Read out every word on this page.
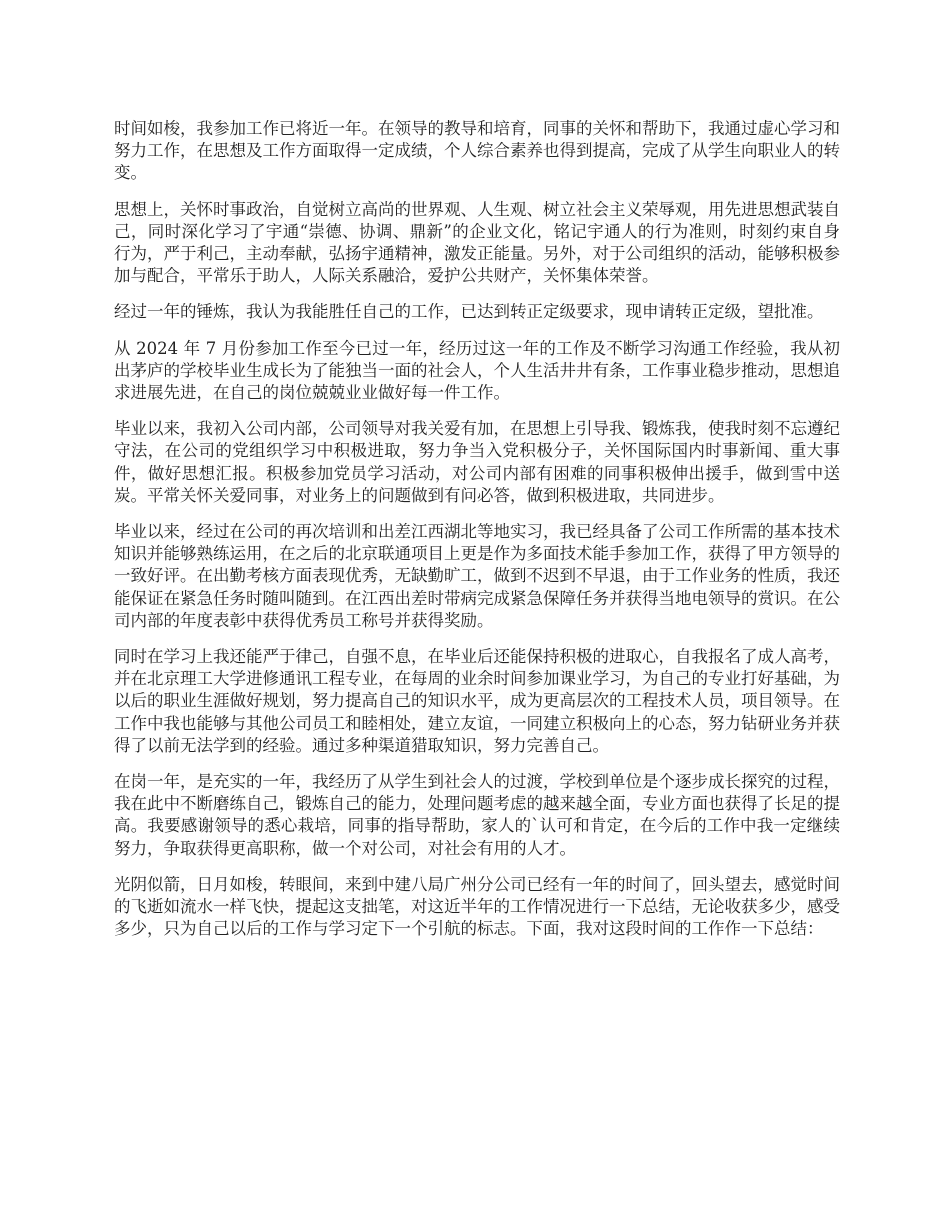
时间如梭，我参加工作已将近一年。在领导的教导和培育，同事的关怀和帮助下，我通过虚心学习和努力工作，在思想及工作方面取得一定成绩，个人综合素养也得到提高，完成了从学生向职业人的转变。

思想上，关怀时事政治，自觉树立高尚的世界观、人生观、树立社会主义荣辱观，用先进思想武装自己，同时深化学习了宇通“崇德、协调、鼎新”的企业文化，铭记宇通人的行为准则，时刻约束自身行为，严于利己，主动奉献，弘扬宇通精神，激发正能量。另外，对于公司组织的活动，能够积极参加与配合，平常乐于助人，人际关系融洽，爱护公共财产，关怀集体荣誉。

经过一年的锤炼，我认为我能胜任自己的工作，已达到转正定级要求，现申请转正定级，望批准。

从 2024 年 7 月份参加工作至今已过一年，经历过这一年的工作及不断学习沟通工作经验，我从初出茅庐的学校毕业生成长为了能独当一面的社会人，个人生活井井有条，工作事业稳步推动，思想追求进展先进，在自己的岗位兢兢业业做好每一件工作。

毕业以来，我初入公司内部，公司领导对我关爱有加，在思想上引导我、锻炼我，使我时刻不忘遵纪守法，在公司的党组织学习中积极进取，努力争当入党积极分子，关怀国际国内时事新闻、重大事件，做好思想汇报。积极参加党员学习活动，对公司内部有困难的同事积极伸出援手，做到雪中送炭。平常关怀关爱同事，对业务上的问题做到有问必答，做到积极进取，共同进步。

毕业以来，经过在公司的再次培训和出差江西湖北等地实习，我已经具备了公司工作所需的基本技术知识并能够熟练运用，在之后的北京联通项目上更是作为多面技术能手参加工作，获得了甲方领导的一致好评。在出勤考核方面表现优秀，无缺勤旷工，做到不迟到不早退，由于工作业务的性质，我还能保证在紧急任务时随叫随到。在江西出差时带病完成紧急保障任务并获得当地电领导的赏识。在公司内部的年度表彰中获得优秀员工称号并获得奖励。

同时在学习上我还能严于律己，自强不息，在毕业后还能保持积极的进取心，自我报名了成人高考，并在北京理工大学进修通讯工程专业，在每周的业余时间参加课业学习，为自己的专业打好基础，为以后的职业生涯做好规划，努力提高自己的知识水平，成为更高层次的工程技术人员，项目领导。在工作中我也能够与其他公司员工和睦相处，建立友谊，一同建立积极向上的心态，努力钻研业务并获得了以前无法学到的经验。通过多种渠道猎取知识，努力完善自己。

在岗一年，是充实的一年，我经历了从学生到社会人的过渡，学校到单位是个逐步成长探究的过程，我在此中不断磨练自己，锻炼自己的能力，处理问题考虑的越来越全面，专业方面也获得了长足的提高。我要感谢领导的悉心栽培，同事的指导帮助，家人的`认可和肯定，在今后的工作中我一定继续努力，争取获得更高职称，做一个对公司，对社会有用的人才。

光阴似箭，日月如梭，转眼间，来到中建八局广州分公司已经有一年的时间了，回头望去，感觉时间的飞逝如流水一样飞快，提起这支拙笔，对这近半年的工作情况进行一下总结，无论收获多少，感受多少，只为自己以后的工作与学习定下一个引航的标志。下面，我对这段时间的工作作一下总结：
